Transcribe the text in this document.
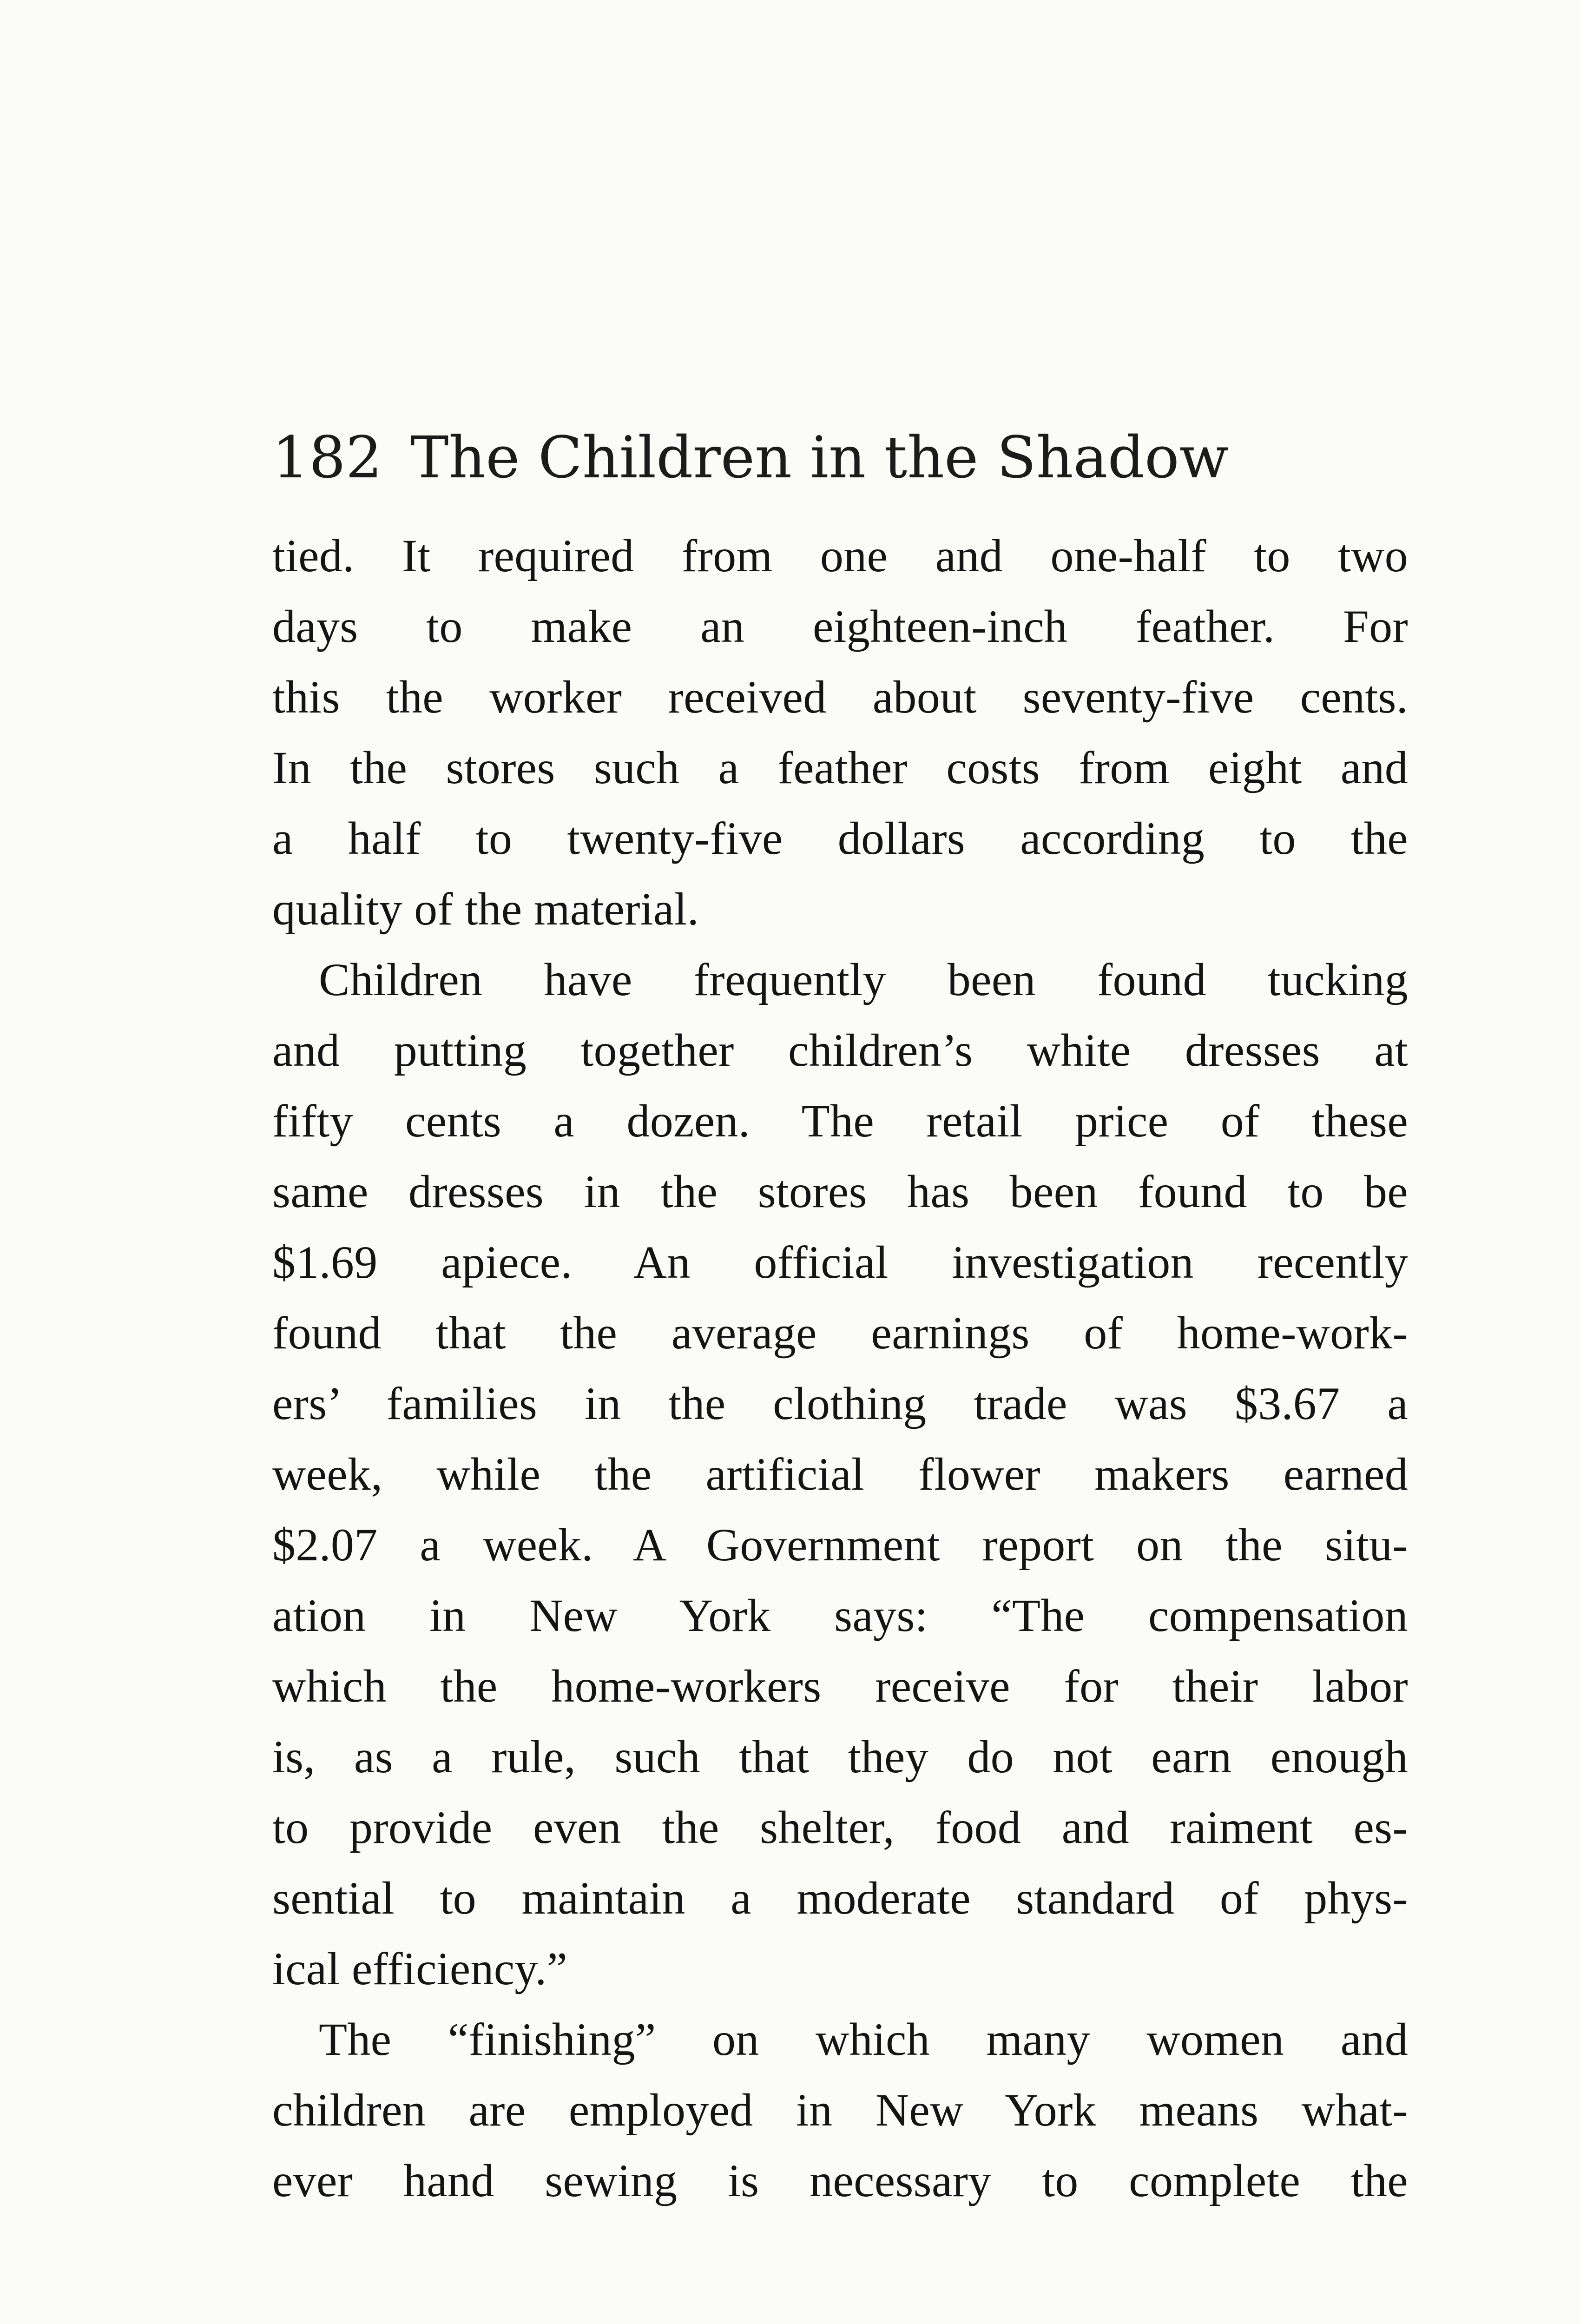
182 The Children in the Shadow
tied. It required from one and one-half to two
days to make an eighteen-inch feather. For
this the worker received about seventy-five cents.
In the stores such a feather costs from eight and
a half to twenty-five dollars according to the
quality of the material.
Children have frequently been found tucking
and putting together children’s white dresses at
fifty cents a dozen. The retail price of these
same dresses in the stores has been found to be
$1.69 apiece. An official investigation recently
found that the average earnings of home-work-
ers’ families in the clothing trade was $3.67 a
week, while the artificial flower makers earned
$2.07 a week. A Government report on the situ-
ation in New York says: “The compensation
which the home-workers receive for their labor
is, as a rule, such that they do not earn enough
to provide even the shelter, food and raiment es-
sential to maintain a moderate standard of phys-
ical efficiency.”
The “finishing” on which many women and
children are employed in New York means what-
ever hand sewing is necessary to complete the
